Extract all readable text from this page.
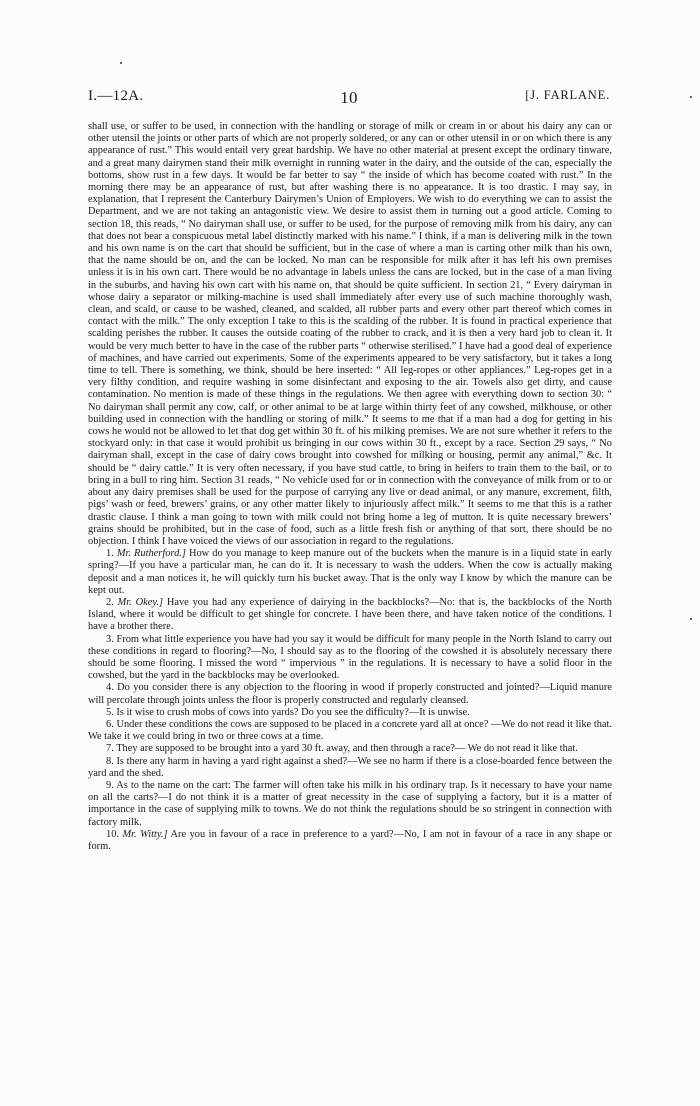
I.—12A.	10	[J. FARLANE.

shall use, or suffer to be used, in connection with the handling or storage of milk or cream in or about his dairy any can or other utensil the joints or other parts of which are not properly soldered, or any can or other utensil in or on which there is any appearance of rust.” This would entail very great hardship. We have no other material at present except the ordinary tinware, and a great many dairymen stand their milk overnight in running water in the dairy, and the outside of the can, especially the bottoms, show rust in a few days. It would be far better to say “ the inside of which has become coated with rust.” In the morning there may be an appearance of rust, but after washing there is no appearance. It is too drastic. I may say, in explanation, that I represent the Canterbury Dairymen’s Union of Employers. We wish to do everything we can to assist the Department, and we are not taking an antagonistic view. We desire to assist them in turning out a good article. Coming to section 18, this reads, “ No dairyman shall use, or suffer to be used, for the purpose of removing milk from his dairy, any can that does not bear a conspicuous metal label distinctly marked with his name.” I think, if a man is delivering milk in the town and his own name is on the cart that should be sufficient, but in the case of where a man is carting other milk than his own, that the name should be on, and the can be locked. No man can be responsible for milk after it has left his own premises unless it is in his own cart. There would be no advantage in labels unless the cans are locked, but in the case of a man living in the suburbs, and having his own cart with his name on, that should be quite sufficient. In section 21, “ Every dairyman in whose dairy a separator or milking-machine is used shall immediately after every use of such machine thoroughly wash, clean, and scald, or cause to be washed, cleaned, and scalded, all rubber parts and every other part thereof which comes in contact with the milk.” The only exception I take to this is the scalding of the rubber. It is found in practical experience that scalding perishes the rubber. It causes the outside coating of the rubber to crack, and it is then a very hard job to clean it. It would be very much better to have in the case of the rubber parts “ otherwise sterilised.” I have had a good deal of experience of machines, and have carried out experiments. Some of the experiments appeared to be very satisfactory, but it takes a long time to tell. There is something, we think, should be here inserted: “ All leg-ropes or other appliances.” Leg-ropes get in a very filthy condition, and require washing in some disinfectant and exposing to the air. Towels also get dirty, and cause contamination. No mention is made of these things in the regulations. We then agree with everything down to section 30: “ No dairyman shall permit any cow, calf, or other animal to be at large within thirty feet of any cowshed, milkhouse, or other building used in connection with the handling or storing of milk.” It seems to me that if a man had a dog for getting in his cows he would not be allowed to let that dog get within 30 ft. of his milking premises. We are not sure whether it refers to the stockyard only: in that case it would prohibit us bringing in our cows within 30 ft., except by a race. Section 29 says, “ No dairyman shall, except in the case of dairy cows brought into cowshed for milking or housing, permit any animal,” &c. It should be “ dairy cattle.” It is very often necessary, if you have stud cattle, to bring in heifers to train them to the bail, or to bring in a bull to ring him. Section 31 reads, “ No vehicle used for or in connection with the conveyance of milk from or to or about any dairy premises shall be used for the purpose of carrying any live or dead animal, or any manure, excrement, filth, pigs’ wash or feed, brewers’ grains, or any other matter likely to injuriously affect milk.” It seems to me that this is a rather drastic clause. I think a man going to town with milk could not bring home a leg of mutton. It is quite necessary brewers’ grains should be prohibited, but in the case of food, such as a little fresh fish or anything of that sort, there should be no objection. I think I have voiced the views of our association in regard to the regulations.

1. Mr. Rutherford.] How do you manage to keep manure out of the buckets when the manure is in a liquid state in early spring?—If you have a particular man, he can do it. It is necessary to wash the udders. When the cow is actually making deposit and a man notices it, he will quickly turn his bucket away. That is the only way I know by which the manure can be kept out.

2. Mr. Okey.] Have you had any experience of dairying in the backblocks?—No: that is, the backblocks of the North Island, where it would be difficult to get shingle for concrete. I have been there, and have taken notice of the conditions. I have a brother there.

3. From what little experience you have had you say it would be difficult for many people in the North Island to carry out these conditions in regard to flooring?—No, I should say as to the flooring of the cowshed it is absolutely necessary there should be some flooring. I missed the word “ impervious ” in the regulations. It is necessary to have a solid floor in the cowshed, but the yard in the backblocks may be overlooked.

4. Do you consider there is any objection to the flooring in wood if properly constructed and jointed?—Liquid manure will percolate through joints unless the floor is properly constructed and regularly cleansed.

5. Is it wise to crush mobs of cows into yards? Do you see the difficulty?—It is unwise.

6. Under these conditions the cows are supposed to be placed in a concrete yard all at once? —We do not read it like that. We take it we could bring in two or three cows at a time.

7. They are supposed to be brought into a yard 30 ft. away, and then through a race?— We do not read it like that.

8. Is there any harm in having a yard right against a shed?—We see no harm if there is a close-boarded fence between the yard and the shed.

9. As to the name on the cart: The farmer will often take his milk in his ordinary trap. Is it necessary to have your name on all the carts?—I do not think it is a matter of great necessity in the case of supplying a factory, but it is a matter of importance in the case of supplying milk to towns. We do not think the regulations should be so stringent in connection with factory milk.

10. Mr. Witty.] Are you in favour of a race in preference to a yard?—No, I am not in favour of a race in any shape or form.
